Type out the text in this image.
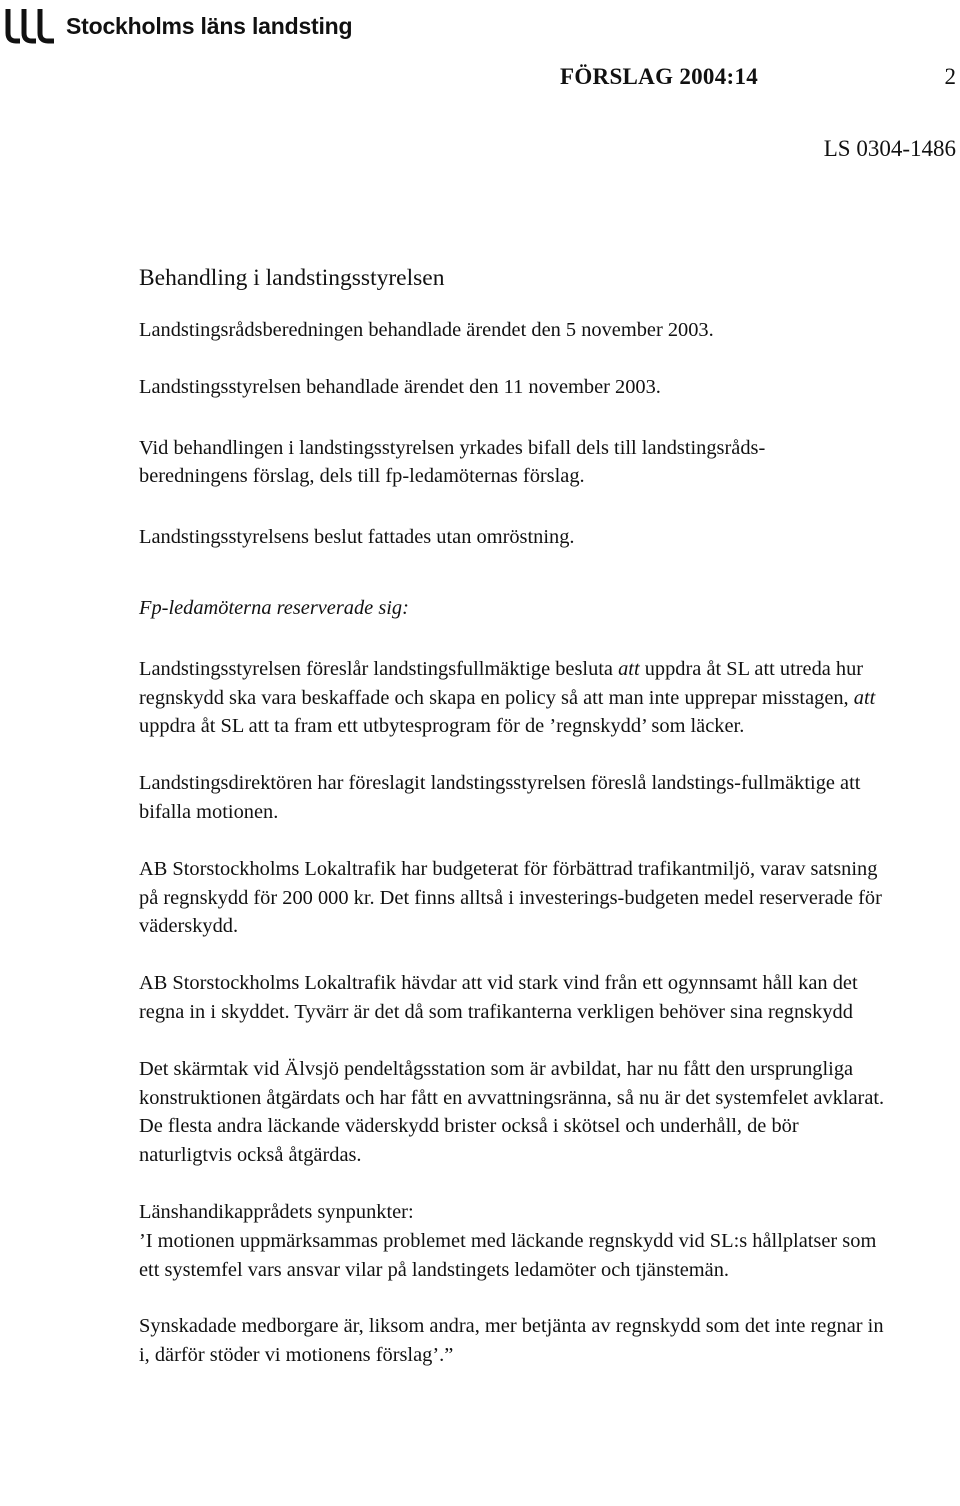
Stockholms läns landsting
FÖRSLAG 2004:14	2
LS 0304-1486
Behandling i landstingsstyrelsen

Landstingsrådsberedningen behandlade ärendet den 5 november 2003.

Landstingsstyrelsen behandlade ärendet den 11 november 2003.

Vid behandlingen i landstingsstyrelsen yrkades bifall dels till landstingsråds-
beredningens förslag, dels till fp-ledamöternas förslag.

Landstingsstyrelsens beslut fattades utan omröstning.

Fp-ledamöterna reserverade sig:

Landstingsstyrelsen föreslår landstingsfullmäktige besluta att uppdra åt SL att utreda hur regnskydd ska vara beskaffade och skapa en policy så att man inte upprepar misstagen, att uppdra åt SL att ta fram ett utbytesprogram för de ’regnskydd’ som läcker.

Landstingsdirektören har föreslagit landstingsstyrelsen föreslå landstings-fullmäktige att bifalla motionen.

AB Storstockholms Lokaltrafik har budgeterat för förbättrad trafikantmiljö, varav satsning på regnskydd för 200 000 kr. Det finns alltså i investerings-budgeten medel reserverade för väderskydd.

AB Storstockholms Lokaltrafik hävdar att vid stark vind från ett ogynnsamt håll kan det regna in i skyddet. Tyvärr är det då som trafikanterna verkligen behöver sina regnskydd

Det skärmtak vid Älvsjö pendeltågsstation som är avbildat, har nu fått den ursprungliga konstruktionen åtgärdats och har fått en avvattningsränna, så nu är det systemfelet avklarat. De flesta andra läckande väderskydd brister också i skötsel och underhåll, de bör naturligtvis också åtgärdas.

Länshandikapprådets synpunkter:

’I motionen uppmärksammas problemet med läckande regnskydd vid SL:s hållplatser som ett systemfel vars ansvar vilar på landstingets ledamöter och tjänstemän.

Synskadade medborgare är, liksom andra, mer betjänta av regnskydd som det inte regnar in i, därför stöder vi motionens förslag’.”
